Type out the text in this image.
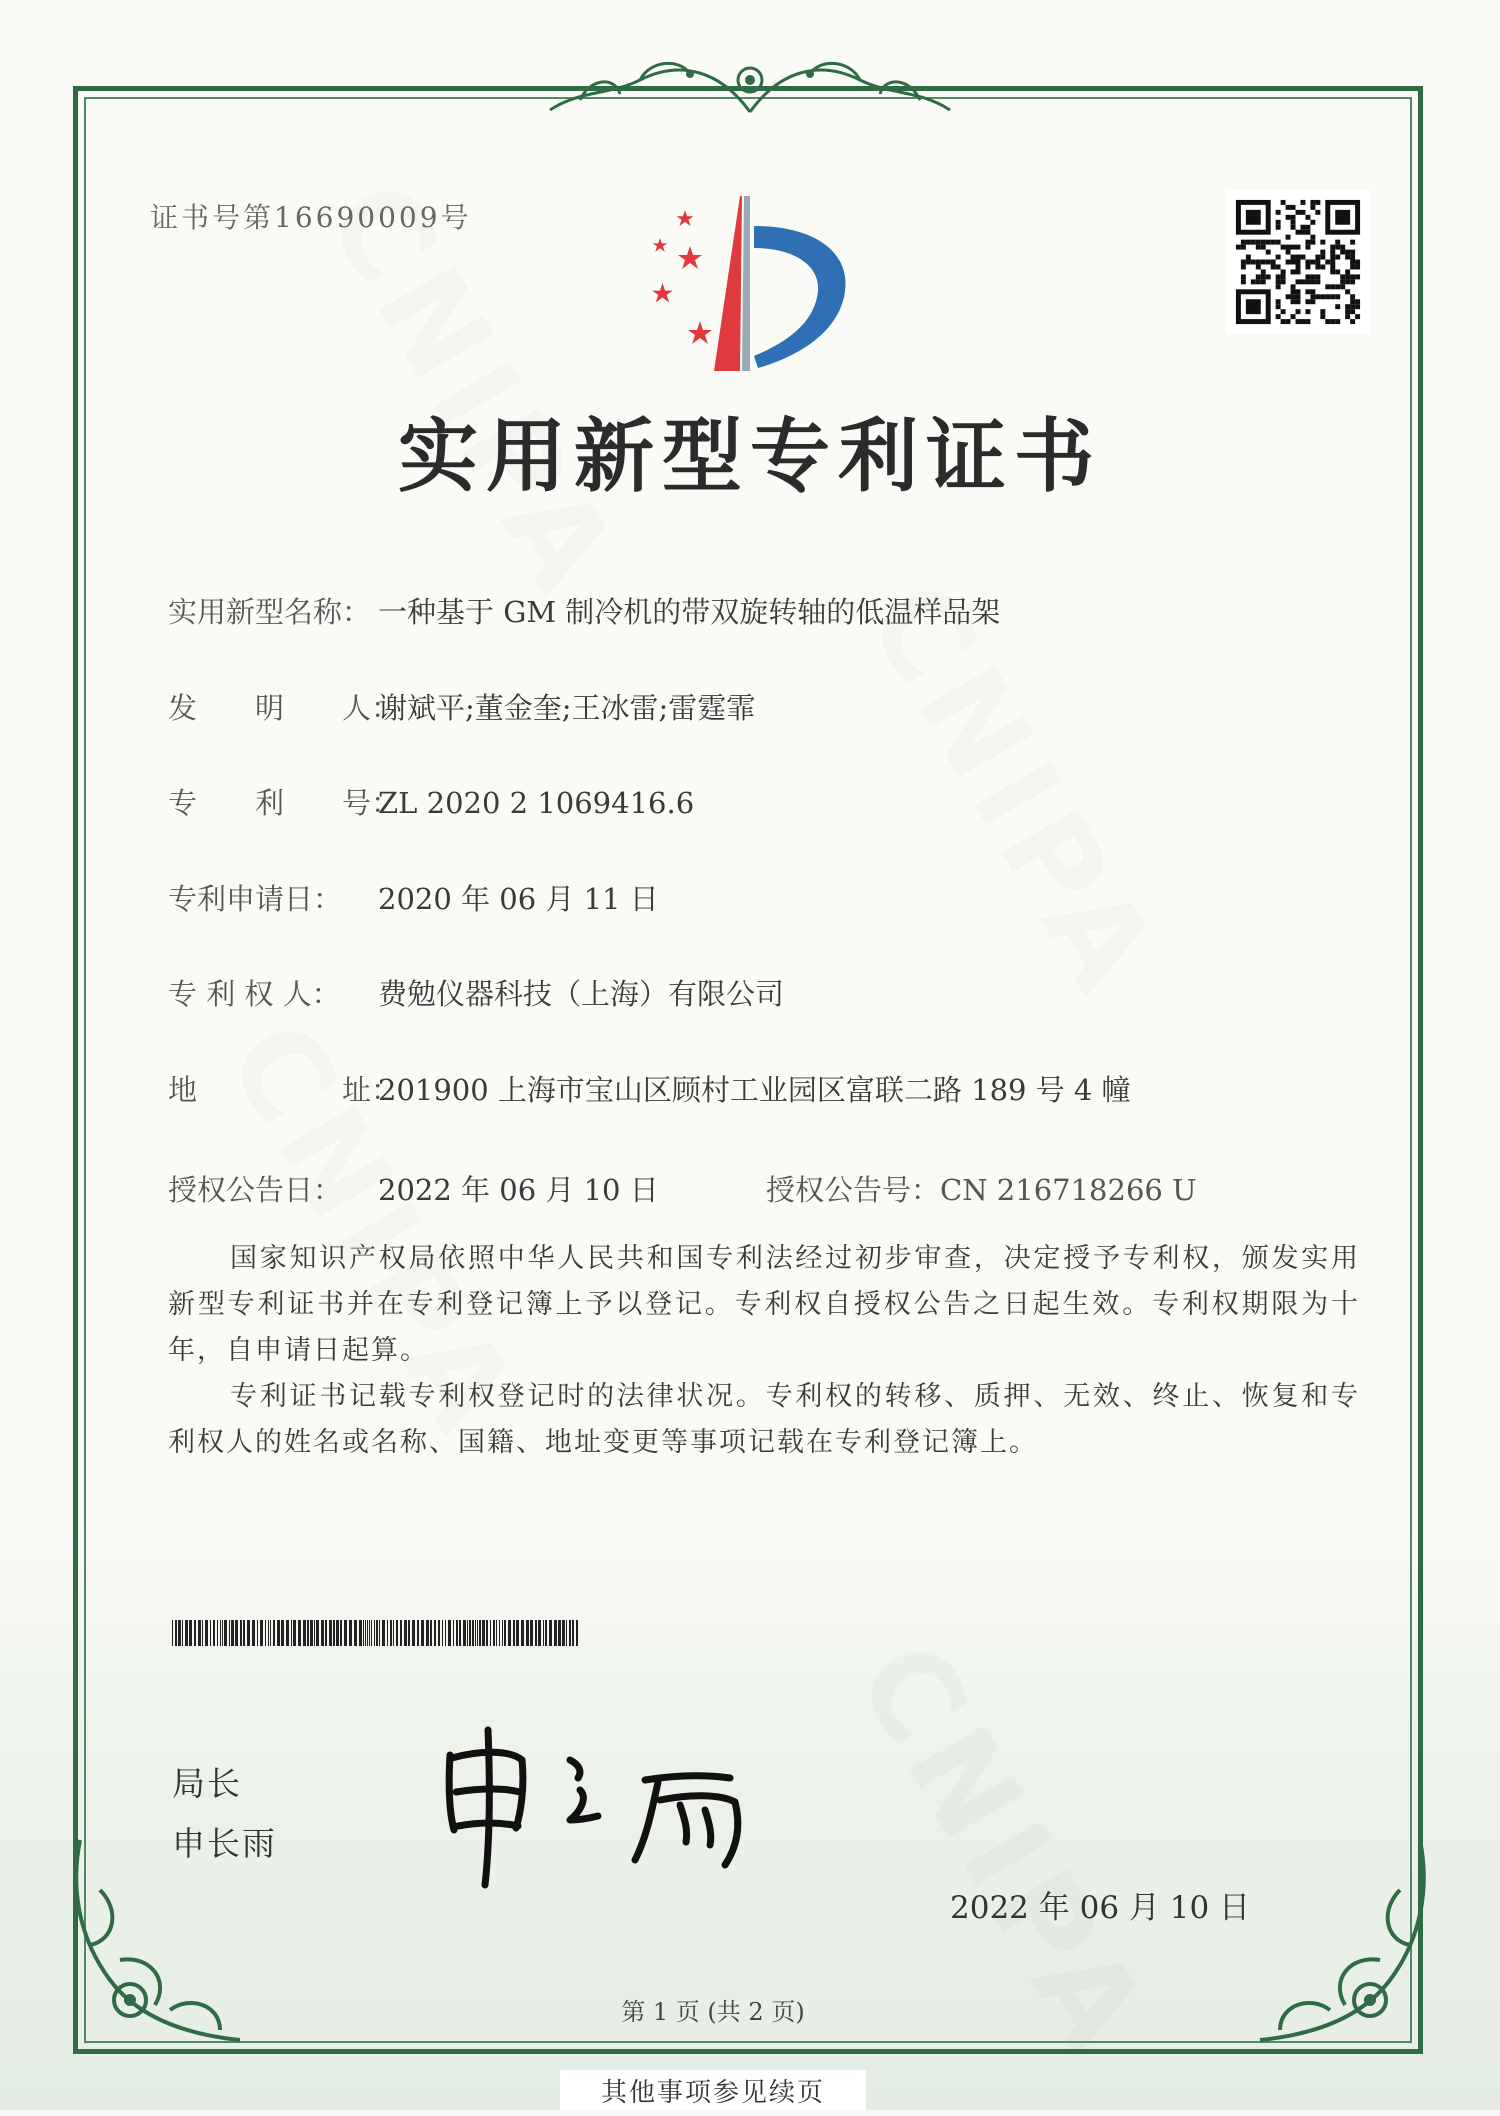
证书号第16690009号
实用新型专利证书
实用新型名称： 一种基于 GM 制冷机的带双旋转轴的低温样品架
发　　明　　人：谢斌平;董金奎;王冰雷;雷霆霏
专　　利　　号：ZL 2020 2 1069416.6
专利申请日： 2020 年 06 月 11 日
专 利 权 人： 费勉仪器科技（上海）有限公司
地　　　　　址：201900 上海市宝山区顾村工业园区富联二路 189 号 4 幢
授权公告日： 2022 年 06 月 10 日	授权公告号：CN 216718266 U
国家知识产权局依照中华人民共和国专利法经过初步审查，决定授予专利权，颁发实用新型专利证书并在专利登记簿上予以登记。专利权自授权公告之日起生效。专利权期限为十年，自申请日起算。
专利证书记载专利权登记时的法律状况。专利权的转移、质押、无效、终止、恢复和专利权人的姓名或名称、国籍、地址变更等事项记载在专利登记簿上。
局长
申长雨
申长雨
2022 年 06 月 10 日
第 1 页 (共 2 页)
其他事项参见续页
